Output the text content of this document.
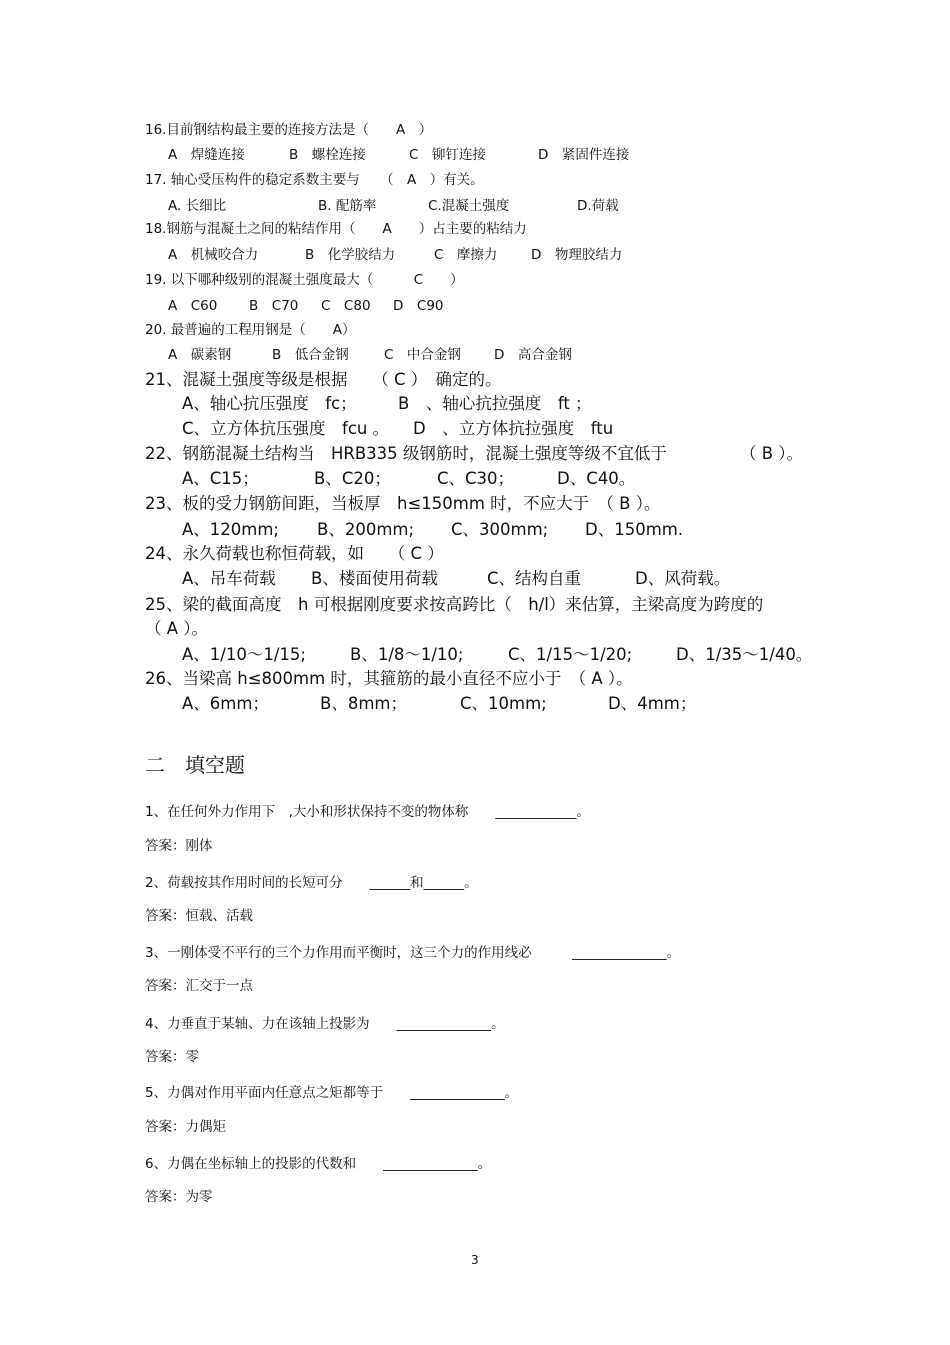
16.目前钢结构最主要的连接方法是（　　A　）
A　焊缝连接	B　螺栓连接	C　铆钉连接	D　紧固件连接
17. 轴心受压构件的稳定系数主要与　　（　A　）有关。
A. 长细比	B. 配筋率	C.混凝土强度	D.荷载
18.钢筋与混凝土之间的粘结作用（　　A　　）占主要的粘结力
A　机械咬合力	B　化学胶结力	C　摩擦力 D　物理胶结力
19. 以下哪种级别的混凝土强度最大（　　　C　　）
A　C60 B　C70 C　C80 D　C90
20. 最普遍的工程用钢是（　　A）
A　碳素钢	B　低合金钢	C　中合金钢 D　高合金钢
21、混凝土强度等级是根据　　（ C ）　确定的。
A、轴心抗压强度　fc；	B　、轴心抗拉强度　ft ；
C、立方体抗压强度　fcu 。 D　、立方体抗拉强度　ftu
22、钢筋混凝土结构当　HRB335 级钢筋时，混凝土强度等级不宜低于	（ B ）。
A、C15；	B、C20；	C、C30；	D、C40。
23、板的受力钢筋间距，当板厚　h≤150mm 时，不应大于　（ B ）。
A、120mm; B、200mm; C、300mm; D、150mm.
24、永久荷载也称恒荷载，如　　（ C ）
A、吊车荷载 B、楼面使用荷载	C、结构自重	D、风荷载。
25、梁的截面高度　h 可根据刚度要求按高跨比（　h/l）来估算，主梁高度为跨度的
（ A ）。
A、1/10～1/15;	B、1/8～1/10;	C、1/15～1/20;	D、1/35～1/40。
26、当梁高 h≤800mm 时，其箍筋的最小直径不应小于　（ A ）。
A、6mm；	B、8mm；	C、10mm;	D、4mm；
二　填空题
1、在任何外力作用下　,大小和形状保持不变的物体称　　____________。
答案：刚体
2、荷载按其作用时间的长短可分　　______和______。
答案：恒载、活载
3、一刚体受不平行的三个力作用而平衡时，这三个力的作用线必　　　______________。
答案：汇交于一点
4、力垂直于某轴、力在该轴上投影为　　______________。
答案：零
5、力偶对作用平面内任意点之矩都等于　　______________。
答案：力偶矩
6、力偶在坐标轴上的投影的代数和　　______________。
答案：为零
3
